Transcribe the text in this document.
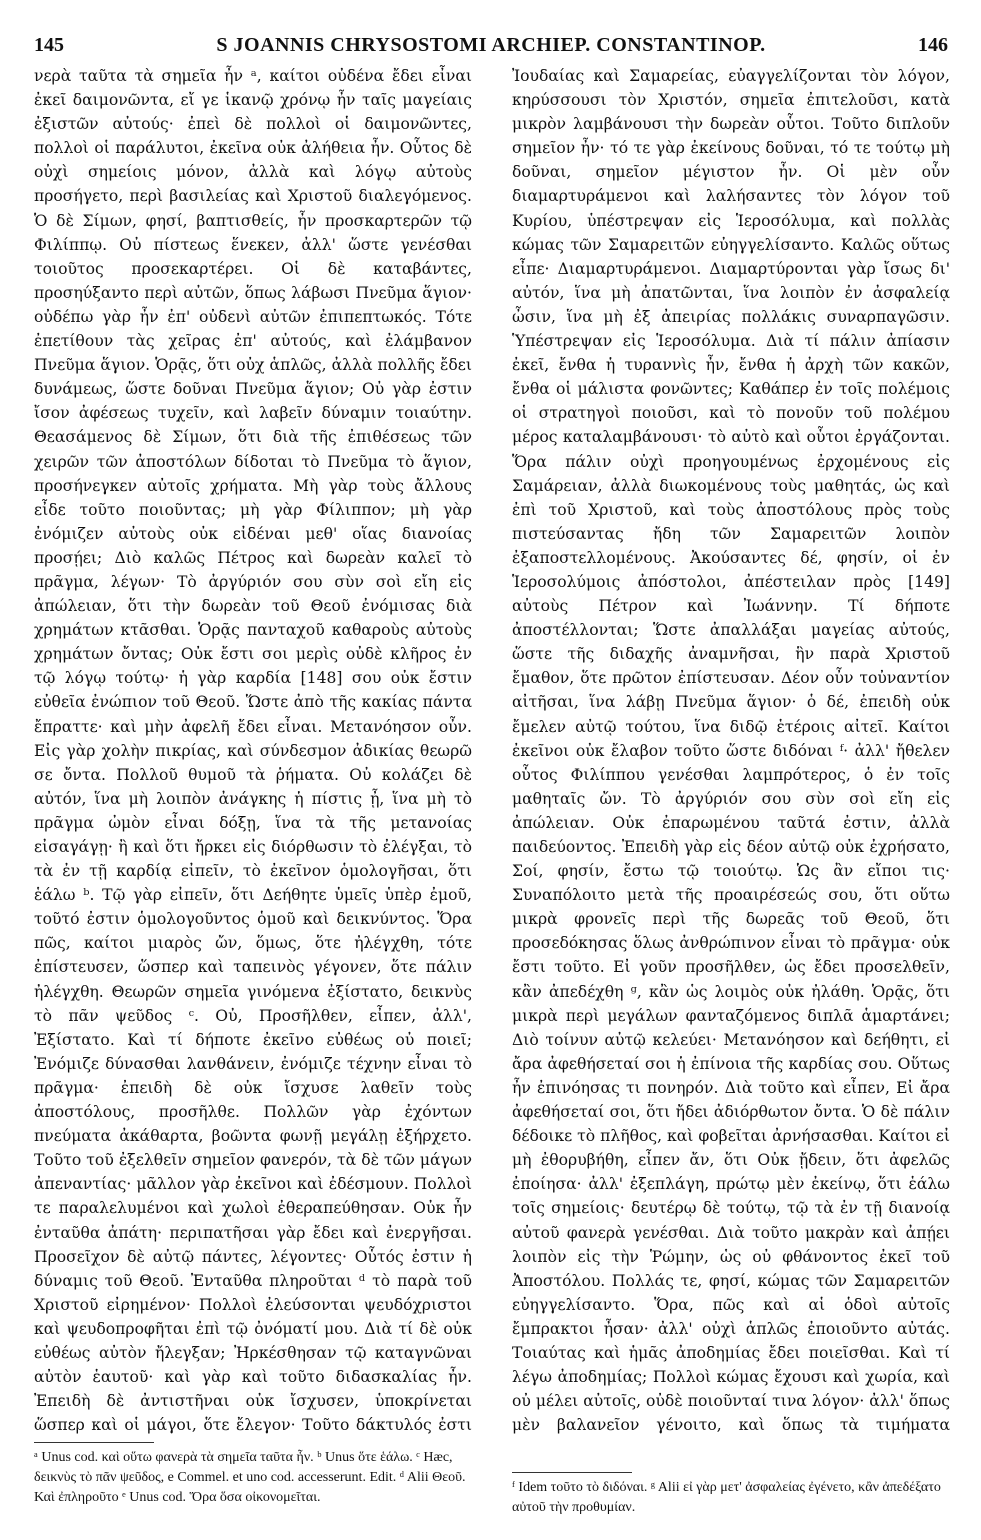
145	S JOANNIS CHRYSOSTOMI ARCHIEP. CONSTANTINOP.	146

νερὰ ταῦτα τὰ σημεῖα ἦν ᵃ, καίτοι οὐδένα ἔδει εἶναι ἐκεῖ δαιμονῶντα, εἴ γε ἱκανῷ χρόνῳ ἦν ταῖς μαγείαις ἐξιστῶν αὐτούς· ἐπεὶ δὲ πολλοὶ οἱ δαιμονῶντες, πολλοὶ οἱ παράλυτοι, ἐκεῖνα οὐκ ἀλήθεια ἦν. Οὗτος δὲ οὐχὶ σημείοις μόνον, ἀλλὰ καὶ λόγῳ αὐτοὺς προσήγετο, περὶ βασιλείας καὶ Χριστοῦ διαλεγόμενος. Ὁ δὲ Σίμων, φησί, βαπτισθείς, ἦν προσκαρτερῶν τῷ Φιλίππῳ. Οὐ πίστεως ἕνεκεν, ἀλλ' ὥστε γενέσθαι τοιοῦτος προσεκαρτέρει. Οἱ δὲ καταβάντες, προσηύξαντο περὶ αὐτῶν, ὅπως λάβωσι Πνεῦμα ἅγιον· οὐδέπω γὰρ ἦν ἐπ' οὐδενὶ αὐτῶν ἐπιπεπτωκός. Τότε ἐπετίθουν τὰς χεῖρας ἐπ' αὐτούς, καὶ ἐλάμβανον Πνεῦμα ἅγιον. Ὁρᾷς, ὅτι οὐχ ἁπλῶς, ἀλλὰ πολλῆς ἔδει δυνάμεως, ὥστε δοῦναι Πνεῦμα ἅγιον; Οὐ γὰρ ἐστιν ἴσον ἀφέσεως τυχεῖν, καὶ λαβεῖν δύναμιν τοιαύτην. Θεασάμενος δὲ Σίμων, ὅτι διὰ τῆς ἐπιθέσεως τῶν χειρῶν τῶν ἀποστόλων δίδοται τὸ Πνεῦμα τὸ ἅγιον, προσήνεγκεν αὐτοῖς χρήματα. Μὴ γὰρ τοὺς ἄλλους εἶδε τοῦτο ποιοῦντας; μὴ γὰρ Φίλιππον; μὴ γὰρ ἐνόμιζεν αὐτοὺς οὐκ εἰδέναι μεθ' οἵας διανοίας προσῄει; Διὸ καλῶς Πέτρος καὶ δωρεὰν καλεῖ τὸ πρᾶγμα, λέγων· Τὸ ἀργύριόν σου σὺν σοὶ εἴη εἰς ἀπώλειαν, ὅτι τὴν δωρεὰν τοῦ Θεοῦ ἐνόμισας διὰ χρημάτων κτᾶσθαι. Ὁρᾷς πανταχοῦ καθαροὺς αὐτοὺς χρημάτων ὄντας; Οὐκ ἔστι σοι μερὶς οὐδὲ κλῆρος ἐν τῷ λόγῳ τούτῳ· ἡ γὰρ καρδία [148] σου οὐκ ἔστιν εὐθεῖα ἐνώπιον τοῦ Θεοῦ. Ὥστε ἀπὸ τῆς κακίας πάντα ἔπραττε· καὶ μὴν ἀφελῆ ἔδει εἶναι. Μετανόησον οὖν. Εἰς γὰρ χολὴν πικρίας, καὶ σύνδεσμον ἀδικίας θεωρῶ σε ὄντα. Πολλοῦ θυμοῦ τὰ ῥήματα. Οὐ κολάζει δὲ αὐτόν, ἵνα μὴ λοιπὸν ἀνάγκης ἡ πίστις ᾖ, ἵνα μὴ τὸ πρᾶγμα ὠμὸν εἶναι δόξῃ, ἵνα τὰ τῆς μετανοίας εἰσαγάγῃ· ἢ καὶ ὅτι ἤρκει εἰς διόρθωσιν τὸ ἐλέγξαι, τὸ τὰ ἐν τῇ καρδίᾳ εἰπεῖν, τὸ ἐκεῖνον ὁμολογῆσαι, ὅτι ἑάλω ᵇ. Τῷ γὰρ εἰπεῖν, ὅτι Δεήθητε ὑμεῖς ὑπὲρ ἐμοῦ, τοῦτό ἐστιν ὁμολογοῦντος ὁμοῦ καὶ δεικνύντος. Ὅρα πῶς, καίτοι μιαρὸς ὤν, ὅμως, ὅτε ἠλέγχθη, τότε ἐπίστευσεν, ὥσπερ καὶ ταπεινὸς γέγονεν, ὅτε πάλιν ἠλέγχθη. Θεωρῶν σημεῖα γινόμενα ἐξίστατο, δεικνὺς τὸ πᾶν ψεῦδος ᶜ. Οὐ, Προσῆλθεν, εἶπεν, ἀλλ', Ἐξίστατο. Καὶ τί δήποτε ἐκεῖνο εὐθέως οὐ ποιεῖ; Ἐνόμιζε δύνασθαι λανθάνειν, ἐνόμιζε τέχνην εἶναι τὸ πρᾶγμα· ἐπειδὴ δὲ οὐκ ἴσχυσε λαθεῖν τοὺς ἀποστόλους, προσῆλθε. Πολλῶν γὰρ ἐχόντων πνεύματα ἀκάθαρτα, βοῶντα φωνῇ μεγάλῃ ἐξήρχετο. Τοῦτο τοῦ ἐξελθεῖν σημεῖον φανερόν, τὰ δὲ τῶν μάγων ἀπεναντίας· μᾶλλον γὰρ ἐκεῖνοι καὶ ἐδέσμουν. Πολλοὶ τε παραλελυμένοι καὶ χωλοὶ ἐθεραπεύθησαν. Οὐκ ἦν ἐνταῦθα ἀπάτη· περιπατῆσαι γὰρ ἔδει καὶ ἐνεργῆσαι. Προσεῖχον δὲ αὐτῷ πάντες, λέγοντες· Οὗτός ἐστιν ἡ δύναμις τοῦ Θεοῦ. Ἐνταῦθα πληροῦται ᵈ τὸ παρὰ τοῦ Χριστοῦ εἰρημένον· Πολλοὶ ἐλεύσονται ψευδόχριστοι καὶ ψευδοπροφῆται ἐπὶ τῷ ὀνόματί μου. Διὰ τί δὲ οὐκ εὐθέως αὐτὸν ἤλεγξαν; Ἠρκέσθησαν τῷ καταγνῶναι αὐτὸν ἑαυτοῦ· καὶ γὰρ καὶ τοῦτο διδασκαλίας ἦν. Ἐπειδὴ δὲ ἀντιστῆναι οὐκ ἴσχυσεν, ὑποκρίνεται ὥσπερ καὶ οἱ μάγοι, ὅτε ἔλεγον· Τοῦτο δάκτυλός ἐστι

Ἰουδαίας καὶ Σαμαρείας, εὐαγγελίζονται τὸν λόγον, κηρύσσουσι τὸν Χριστόν, σημεῖα ἐπιτελοῦσι, κατὰ μικρὸν λαμβάνουσι τὴν δωρεὰν οὗτοι. Τοῦτο διπλοῦν σημεῖον ἦν· τό τε γὰρ ἐκείνους δοῦναι, τό τε τούτῳ μὴ δοῦναι, σημεῖον μέγιστον ἦν. Οἱ μὲν οὖν διαμαρτυράμενοι καὶ λαλήσαντες τὸν λόγον τοῦ Κυρίου, ὑπέστρεψαν εἰς Ἱεροσόλυμα, καὶ πολλὰς κώμας τῶν Σαμαρειτῶν εὐηγγελίσαντο. Καλῶς οὕτως εἶπε· Διαμαρτυράμενοι. Διαμαρτύρονται γὰρ ἴσως δι' αὐτόν, ἵνα μὴ ἀπατῶνται, ἵνα λοιπὸν ἐν ἀσφαλείᾳ ὦσιν, ἵνα μὴ ἐξ ἀπειρίας πολλάκις συναρπαγῶσιν. Ὑπέστρεψαν εἰς Ἱεροσόλυμα. Διὰ τί πάλιν ἀπίασιν ἐκεῖ, ἔνθα ἡ τυραννὶς ἦν, ἔνθα ἡ ἀρχὴ τῶν κακῶν, ἔνθα οἱ μάλιστα φονῶντες; Καθάπερ ἐν τοῖς πολέμοις οἱ στρατηγοὶ ποιοῦσι, καὶ τὸ πονοῦν τοῦ πολέμου μέρος καταλαμβάνουσι· τὸ αὐτὸ καὶ οὗτοι ἐργάζονται. Ὅρα πάλιν οὐχὶ προηγουμένως ἐρχομένους εἰς Σαμάρειαν, ἀλλὰ διωκομένους τοὺς μαθητάς, ὡς καὶ ἐπὶ τοῦ Χριστοῦ, καὶ τοὺς ἀποστόλους πρὸς τοὺς πιστεύσαντας ἤδη τῶν Σαμαρειτῶν λοιπὸν ἐξαποστελλομένους. Ἀκούσαντες δέ, φησίν, οἱ ἐν Ἱεροσολύμοις ἀπόστολοι, ἀπέστειλαν πρὸς [149] αὐτοὺς Πέτρον καὶ Ἰωάννην. Τί δήποτε ἀποστέλλονται; Ὥστε ἀπαλλάξαι μαγείας αὐτούς, ὥστε τῆς διδαχῆς ἀναμνῆσαι, ἣν παρὰ Χριστοῦ ἔμαθον, ὅτε πρῶτον ἐπίστευσαν. Δέον οὖν τοὐναντίον αἰτῆσαι, ἵνα λάβῃ Πνεῦμα ἅγιον· ὁ δέ, ἐπειδὴ οὐκ ἔμελεν αὐτῷ τούτου, ἵνα διδῷ ἑτέροις αἰτεῖ. Καίτοι ἐκεῖνοι οὐκ ἔλαβον τοῦτο ὥστε διδόναι ᶠ· ἀλλ' ἤθελεν οὗτος Φιλίππου γενέσθαι λαμπρότερος, ὁ ἐν τοῖς μαθηταῖς ὤν. Τὸ ἀργύριόν σου σὺν σοὶ εἴη εἰς ἀπώλειαν. Οὐκ ἐπαρωμένου ταῦτά ἐστιν, ἀλλὰ παιδεύοντος. Ἐπειδὴ γὰρ εἰς δέον αὐτῷ οὐκ ἐχρήσατο, Σοί, φησίν, ἔστω τῷ τοιούτῳ. Ὡς ἂν εἴποι τις· Συναπόλοιτο μετὰ τῆς προαιρέσεώς σου, ὅτι οὕτω μικρὰ φρονεῖς περὶ τῆς δωρεᾶς τοῦ Θεοῦ, ὅτι προσεδόκησας ὅλως ἀνθρώπινον εἶναι τὸ πρᾶγμα· οὐκ ἔστι τοῦτο. Εἰ γοῦν προσῆλθεν, ὡς ἔδει προσελθεῖν, κἂν ἀπεδέχθη ᵍ, κἂν ὡς λοιμὸς οὐκ ἠλάθη. Ὁρᾷς, ὅτι μικρὰ περὶ μεγάλων φανταζόμενος διπλᾶ ἁμαρτάνει; Διὸ τοίνυν αὐτῷ κελεύει· Μετανόησον καὶ δεήθητι, εἰ ἄρα ἀφεθήσεταί σοι ἡ ἐπίνοια τῆς καρδίας σου. Οὕτως ἦν ἐπινόησας τι πονηρόν. Διὰ τοῦτο καὶ εἶπεν, Εἰ ἄρα ἀφεθήσεταί σοι, ὅτι ἤδει ἀδιόρθωτον ὄντα. Ὁ δὲ πάλιν δέδοικε τὸ πλῆθος, καὶ φοβεῖται ἀρνήσασθαι. Καίτοι εἰ μὴ ἐθορυβήθη, εἶπεν ἄν, ὅτι Οὐκ ᾔδειν, ὅτι ἀφελῶς ἐποίησα· ἀλλ' ἐξεπλάγη, πρώτῳ μὲν ἐκείνῳ, ὅτι ἑάλω τοῖς σημείοις· δευτέρῳ δὲ τούτῳ, τῷ τὰ ἐν τῇ διανοίᾳ αὐτοῦ φανερὰ γενέσθαι. Διὰ τοῦτο μακρὰν καὶ ἀπῄει λοιπὸν εἰς τὴν Ῥώμην, ὡς οὐ φθάνοντος ἐκεῖ τοῦ Ἀποστόλου. Πολλάς τε, φησί, κώμας τῶν Σαμαρειτῶν εὐηγγελίσαντο. Ὅρα, πῶς καὶ αἱ ὁδοὶ αὐτοῖς ἔμπρακτοι ἦσαν· ἀλλ' οὐχὶ ἁπλῶς ἐποιοῦντο αὐτάς. Τοιαύτας καὶ ἡμᾶς ἀποδημίας ἔδει ποιεῖσθαι. Καὶ τί λέγω ἀποδημίας; Πολλοὶ κώμας ἔχουσι καὶ χωρία, καὶ οὐ μέλει αὐτοῖς, οὐδὲ ποιοῦνταί τινα λόγον· ἀλλ' ὅπως μὲν βαλανεῖον γένοιτο, καὶ ὅπως τὰ τιμήματα

ᵃ Unus cod. καὶ οὕτω φανερὰ τὰ σημεῖα ταῦτα ἦν. ᵇ Unus ὅτε ἑάλω. ᶜ Hæc, δεικνὺς τὸ πᾶν ψεῦδος, e Commel. et uno cod. accesserunt. Edit. ᵈ Alii Θεοῦ. Καὶ ἐπληροῦτο ᵉ Unus cod. Ὅρα ὅσα οἰκονομεῖται.
ᶠ Idem τοῦτο τὸ διδόναι. ᵍ Alii εἰ γὰρ μετ' ἀσφαλείας ἐγένετο, κἂν ἀπεδέξατο αὐτοῦ τὴν προθυμίαν.
